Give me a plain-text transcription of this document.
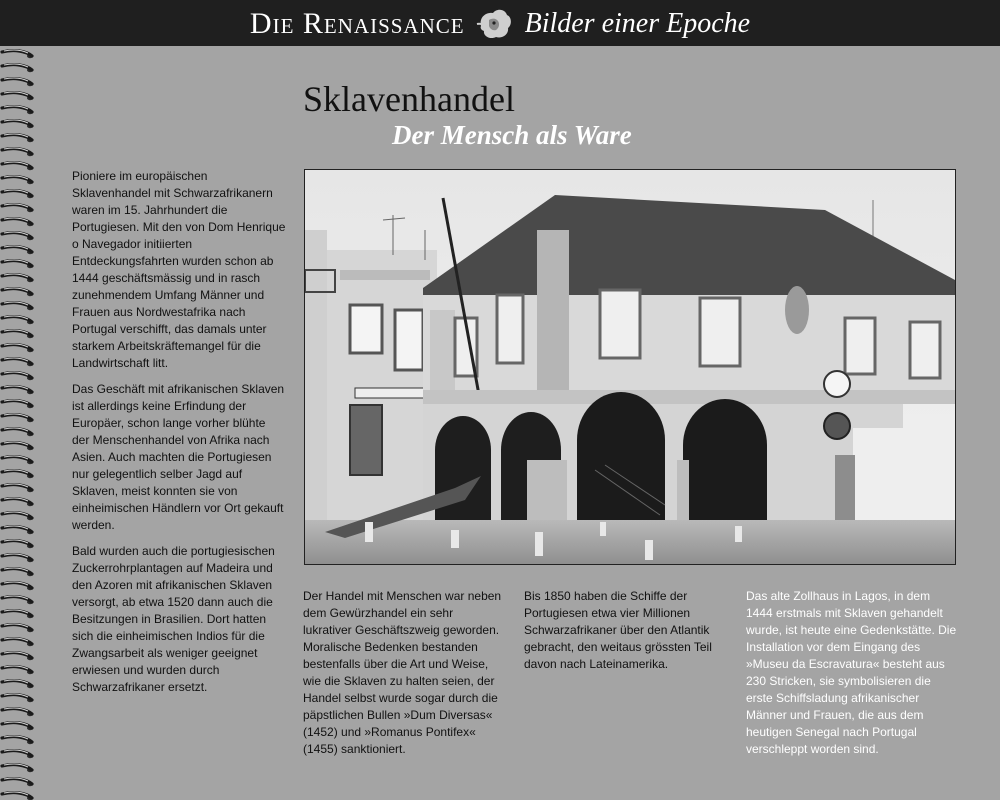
Die Renaissance Bilder einer Epoche
Sklavenhandel
Der Mensch als Ware

Pioniere im europäischen Sklavenhandel mit Schwarzafrikanern waren im 15. Jahrhundert die Portugiesen. Mit den von Dom Henrique o Navegador initiierten Entdeckungsfahrten wurden schon ab 1444 geschäftsmässig und in rasch zunehmendem Umfang Männer und Frauen aus Nordwestafrika nach Portugal verschifft, das damals unter starkem Arbeitskräftemangel für die Landwirtschaft litt.

Das Geschäft mit afrikanischen Sklaven ist allerdings keine Erfindung der Europäer, schon lange vorher blühte der Menschenhandel von Afrika nach Asien. Auch machten die Portugiesen nur gelegentlich selber Jagd auf Sklaven, meist konnten sie von einheimischen Händlern vor Ort gekauft werden.

Bald wurden auch die portugiesischen Zuckerrohrplantagen auf Madeira und den Azoren mit afrikanischen Sklaven versorgt, ab etwa 1520 dann auch die Besitzungen in Brasilien. Dort hatten sich die einheimischen Indios für die Zwangsarbeit als weniger geeignet erwiesen und wurden durch Schwarzafrikaner ersetzt.

Der Handel mit Menschen war neben dem Gewürzhandel ein sehr lukrativer Geschäftszweig geworden. Moralische Bedenken bestanden bestenfalls über die Art und Weise, wie die Sklaven zu halten seien, der Handel selbst wurde sogar durch die päpstlichen Bullen »Dum Diversas« (1452) und »Romanus Pontifex« (1455) sanktioniert.

Bis 1850 haben die Schiffe der Portugiesen etwa vier Millionen Schwarzafrikaner über den Atlantik gebracht, den weitaus grössten Teil davon nach Lateinamerika.

Das alte Zollhaus in Lagos, in dem 1444 erstmals mit Sklaven gehandelt wurde, ist heute eine Gedenkstätte. Die Installation vor dem Eingang des »Museu da Escravatura« besteht aus 230 Stricken, sie symbolisieren die erste Schiffsladung afrikanischer Männer und Frauen, die aus dem heutigen Senegal nach Portugal verschleppt worden sind.
